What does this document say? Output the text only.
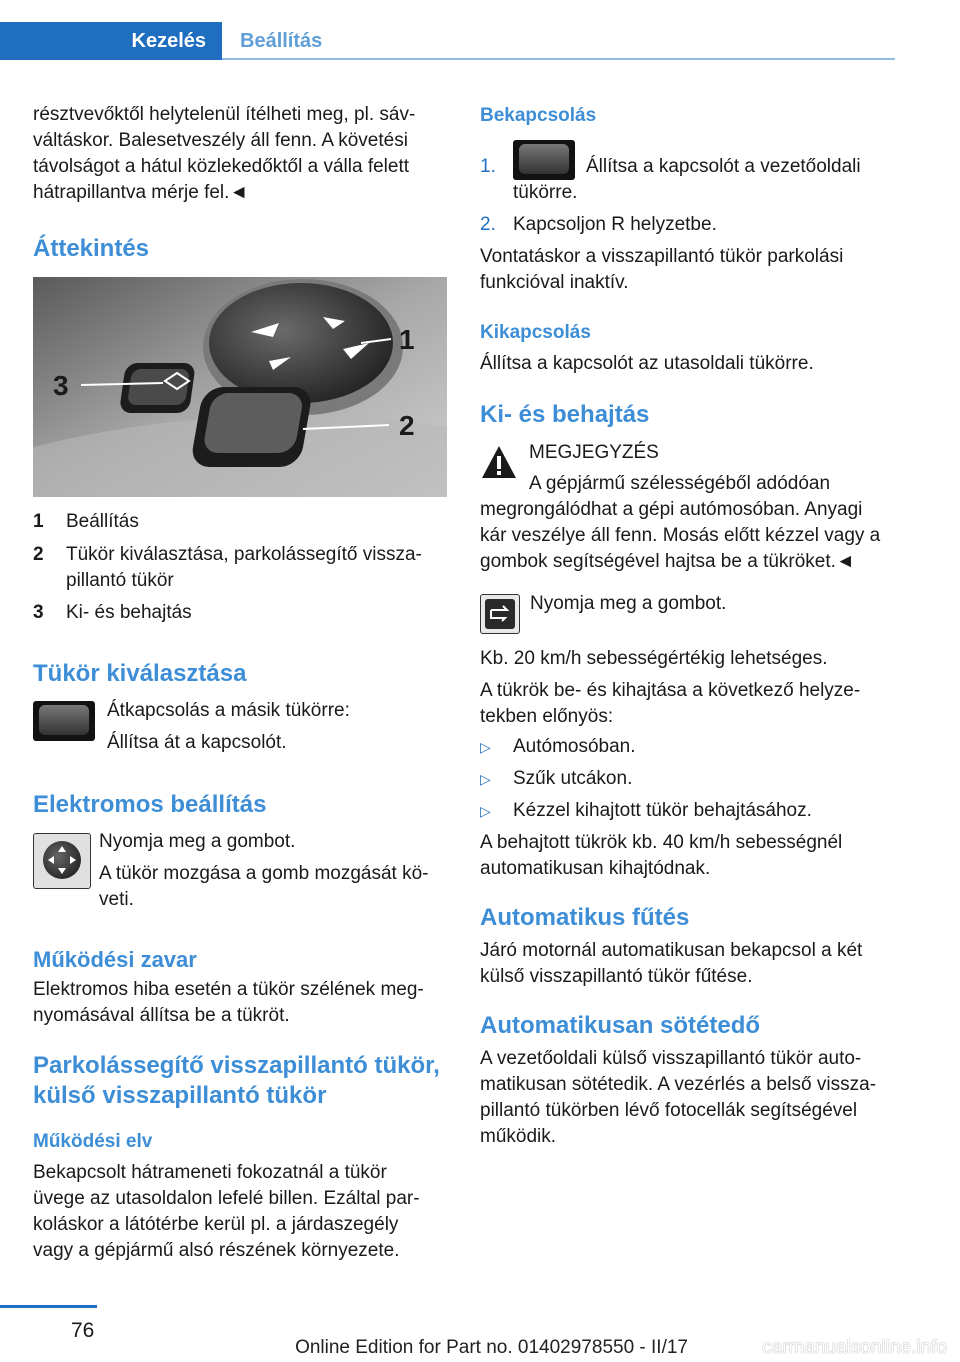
Kezelés	Beállítás
résztvevőktől helytelenül ítélheti meg, pl. sáv-
váltáskor. Balesetveszély áll fenn. A követési
távolságot a hátul közlekedőktől a válla felett
hátrapillantva mérje fel.◄
Áttekintés
1
2
3
1 Beállítás
2 Tükör kiválasztása, parkolássegítő vissza-
pillantó tükör
3 Ki- és behajtás
Tükör kiválasztása
Átkapcsolás a másik tükörre:
Állítsa át a kapcsolót.
Elektromos beállítás
Nyomja meg a gombot.
A tükör mozgása a gomb mozgását kö-
veti.
Működési zavar
Elektromos hiba esetén a tükör szélének meg-
nyomásával állítsa be a tükröt.
Parkolássegítő visszapillantó tükör,
külső visszapillantó tükör
Működési elv
Bekapcsolt hátrameneti fokozatnál a tükör
üvege az utasoldalon lefelé billen. Ezáltal par-
koláskor a látótérbe kerül pl. a járdaszegély
vagy a gépjármű alsó részének környezete.
Bekapcsolás
1.	Állítsa a kapcsolót a vezetőoldali
tükörre.
2. Kapcsoljon R helyzetbe.
Vontatáskor a visszapillantó tükör parkolási
funkcióval inaktív.
Kikapcsolás
Állítsa a kapcsolót az utasoldali tükörre.
Ki- és behajtás
MEGJEGYZÉS
A gépjármű szélességéből adódóan
megrongálódhat a gépi autómosóban. Anyagi
kár veszélye áll fenn. Mosás előtt kézzel vagy a
gombok segítségével hajtsa be a tükröket.◄
Nyomja meg a gombot.
Kb. 20 km/h sebességértékig lehetséges.
A tükrök be- és kihajtása a következő helyze-
tekben előnyös:
▷ Autómosóban.
▷ Szűk utcákon.
▷ Kézzel kihajtott tükör behajtásához.
A behajtott tükrök kb. 40 km/h sebességnél
automatikusan kihajtódnak.
Automatikus fűtés
Járó motornál automatikusan bekapcsol a két
külső visszapillantó tükör fűtése.
Automatikusan sötétedő
A vezetőoldali külső visszapillantó tükör auto-
matikusan sötétedik. A vezérlés a belső vissza-
pillantó tükörben lévő fotocellák segítségével
működik.
76
Online Edition for Part no. 01402978550 - II/17	carmanualsonline.info
